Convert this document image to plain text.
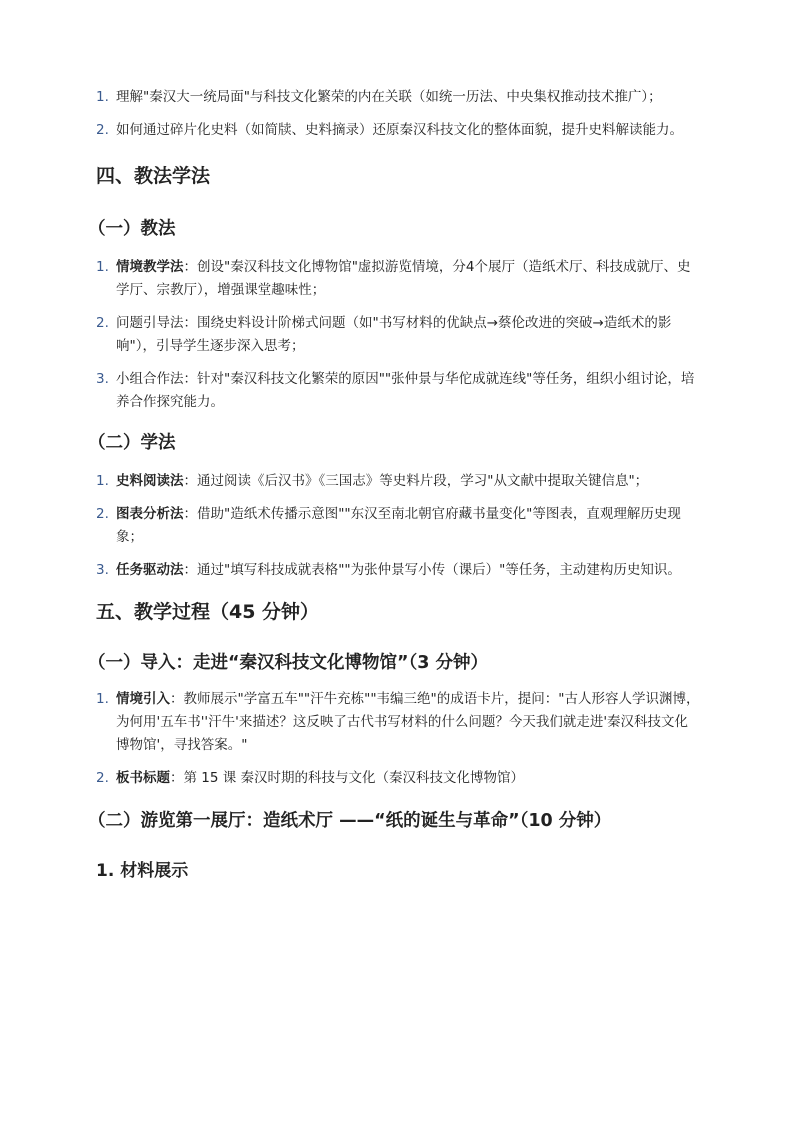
1. 理解"秦汉大一统局面"与科技文化繁荣的内在关联（如统一历法、中央集权推动技术推广）；
2. 如何通过碎片化史料（如简牍、史料摘录）还原秦汉科技文化的整体面貌，提升史料解读能力。
四、教法学法
（一）教法
1. 情境教学法：创设"秦汉科技文化博物馆"虚拟游览情境，分4个展厅（造纸术厅、科技成就厅、史学厅、宗教厅），增强课堂趣味性；
2. 问题引导法：围绕史料设计阶梯式问题（如"书写材料的优缺点→蔡伦改进的突破→造纸术的影响"），引导学生逐步深入思考；
3. 小组合作法：针对"秦汉科技文化繁荣的原因""张仲景与华佗成就连线"等任务，组织小组讨论，培养合作探究能力。
（二）学法
1. 史料阅读法：通过阅读《后汉书》《三国志》等史料片段，学习"从文献中提取关键信息"；
2. 图表分析法：借助"造纸术传播示意图""东汉至南北朝官府藏书量变化"等图表，直观理解历史现象；
3. 任务驱动法：通过"填写科技成就表格""为张仲景写小传（课后）"等任务，主动建构历史知识。
五、教学过程（45 分钟）
（一）导入：走进“秦汉科技文化博物馆”（3 分钟）
1. 情境引入：教师展示"学富五车""汗牛充栋""韦编三绝"的成语卡片，提问："古人形容人学识渊博，为何用'五车书''汗牛'来描述？这反映了古代书写材料的什么问题？今天我们就走进'秦汉科技文化博物馆'，寻找答案。"
2. 板书标题：第 15 课 秦汉时期的科技与文化（秦汉科技文化博物馆）
（二）游览第一展厅：造纸术厅 ——“纸的诞生与革命”（10 分钟）
1. 材料展示
